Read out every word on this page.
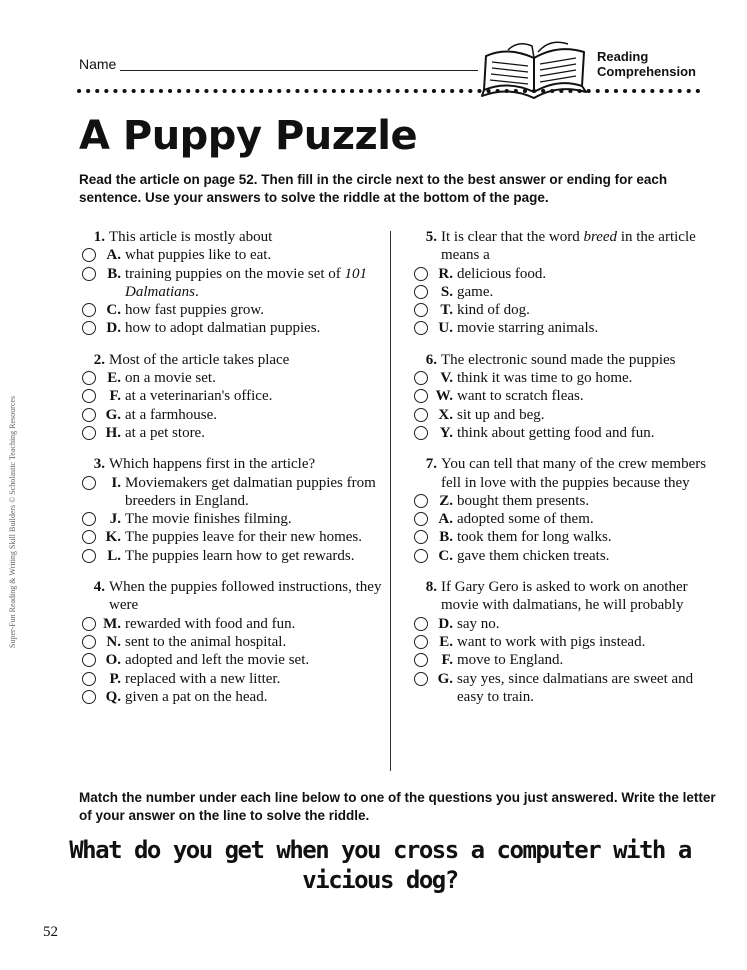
Name	Reading
Comprehension
A Puppy Puzzle
Read the article on page 52. Then fill in the circle next to the best answer or ending for each sentence. Use your answers to solve the riddle at the bottom of the page.
Super-Fun Reading & Writing Skill Builders © Scholastic Teaching Resources
1. This article is mostly about
A. what puppies like to eat.
B. training puppies on the movie set of 101 Dalmatians.
C. how fast puppies grow.
D. how to adopt dalmatian puppies.
2. Most of the article takes place
E. on a movie set.
F. at a veterinarian's office.
G. at a farmhouse.
H. at a pet store.
3. Which happens first in the article?
I. Moviemakers get dalmatian puppies from breeders in England.
J. The movie finishes filming.
K. The puppies leave for their new homes.
L. The puppies learn how to get rewards.
4. When the puppies followed instructions, they were
M. rewarded with food and fun.
N. sent to the animal hospital.
O. adopted and left the movie set.
P. replaced with a new litter.
Q. given a pat on the head.
5. It is clear that the word breed in the article means a
R. delicious food.
S. game.
T. kind of dog.
U. movie starring animals.
6. The electronic sound made the puppies
V. think it was time to go home.
W. want to scratch fleas.
X. sit up and beg.
Y. think about getting food and fun.
7. You can tell that many of the crew members fell in love with the puppies because they
Z. bought them presents.
A. adopted some of them.
B. took them for long walks.
C. gave them chicken treats.
8. If Gary Gero is asked to work on another movie with dalmatians, he will probably
D. say no.
E. want to work with pigs instead.
F. move to England.
G. say yes, since dalmatians are sweet and easy to train.
Match the number under each line below to one of the questions you just answered. Write the letter of your answer on the line to solve the riddle.
What do you get when you cross a computer with a vicious dog?
52
